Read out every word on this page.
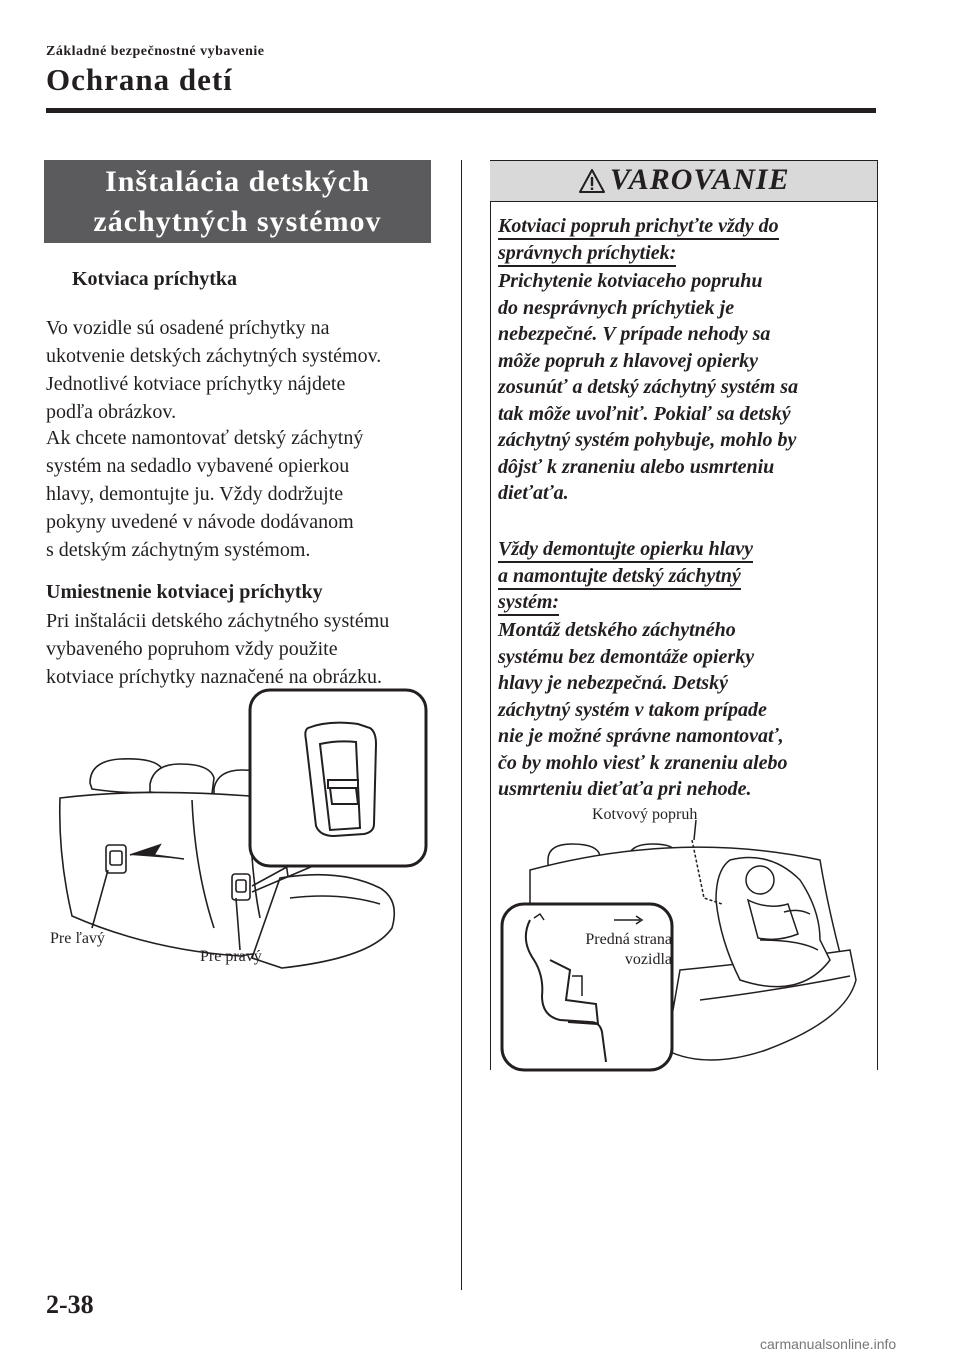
Základné bezpečnostné vybavenie
Ochrana detí
Inštalácia detských
záchytných systémov
Kotviaca príchytka
Vo vozidle sú osadené príchytky na
ukotvenie detských záchytných systémov.
Jednotlivé kotviace príchytky nájdete
podľa obrázkov.
Ak chcete namontovať detský záchytný
systém na sedadlo vybavené opierkou
hlavy, demontujte ju. Vždy dodržujte
pokyny uvedené v návode dodávanom
s detským záchytným systémom.
Umiestnenie kotviacej príchytky
Pri inštalácii detského záchytného systému
vybaveného popruhom vždy použite
kotviace príchytky naznačené na obrázku.
Pre ľavý
Pre pravý
VAROVANIE
Kotviaci popruh prichyťte vždy do
správnych príchytiek:
Prichytenie kotviaceho popruhu
do nesprávnych príchytiek je
nebezpečné. V prípade nehody sa
môže popruh z hlavovej opierky
zosunúť a detský záchytný systém sa
tak môže uvoľniť. Pokiaľ sa detský
záchytný systém pohybuje, mohlo by
dôjsť k zraneniu alebo usmrteniu
dieťaťa.
Vždy demontujte opierku hlavy
a namontujte detský záchytný
systém:
Montáž detského záchytného
systému bez demontáže opierky
hlavy je nebezpečná. Detský
záchytný systém v takom prípade
nie je možné správne namontovať,
čo by mohlo viesť k zraneniu alebo
usmrteniu dieťaťa pri nehode.
Kotvový popruh
Predná strana
vozidla
2-38
carmanualsonline.info
